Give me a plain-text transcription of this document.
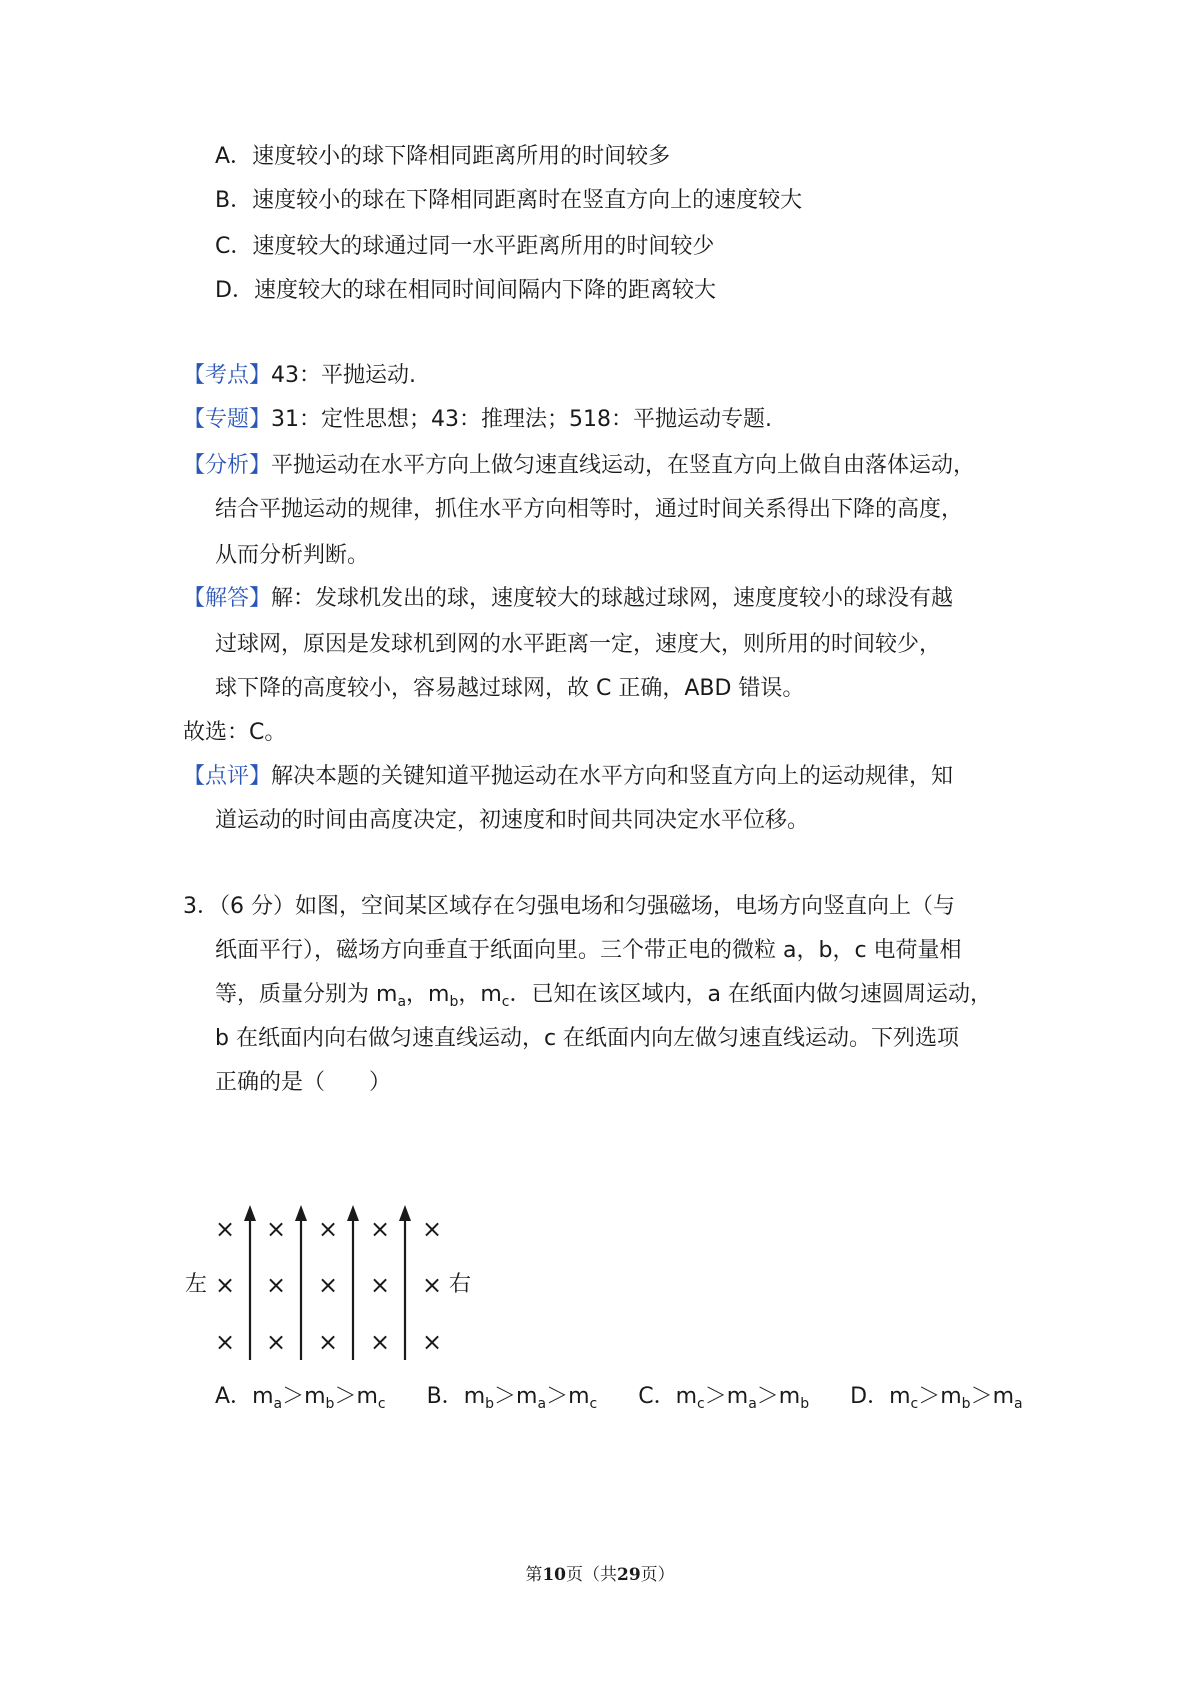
A．速度较小的球下降相同距离所用的时间较多
B．速度较小的球在下降相同距离时在竖直方向上的速度较大
C．速度较大的球通过同一水平距离所用的时间较少
D．速度较大的球在相同时间间隔内下降的距离较大
【考点】43：平抛运动.
【专题】31：定性思想；43：推理法；518：平抛运动专题.
【分析】平抛运动在水平方向上做匀速直线运动，在竖直方向上做自由落体运动，
结合平抛运动的规律，抓住水平方向相等时，通过时间关系得出下降的高度，
从而分析判断。
【解答】解：发球机发出的球，速度较大的球越过球网，速度度较小的球没有越
过球网，原因是发球机到网的水平距离一定，速度大，则所用的时间较少，
球下降的高度较小，容易越过球网，故 C 正确，ABD 错误。
故选：C。
【点评】解决本题的关键知道平抛运动在水平方向和竖直方向上的运动规律，知
道运动的时间由高度决定，初速度和时间共同决定水平位移。
3．（6 分）如图，空间某区域存在匀强电场和匀强磁场，电场方向竖直向上（与
纸面平行），磁场方向垂直于纸面向里。三个带正电的微粒 a，b，c 电荷量相
等，质量分别为 $m_a$，$m_b$，$m_c$．已知在该区域内，a 在纸面内做匀速圆周运动，
b 在纸面内向右做匀速直线运动，c 在纸面内向左做匀速直线运动。下列选项
正确的是（　　）
× × × × ×
× × × × ×
× × × × ×
左	右
A．$m_a>m_b>m_c$ B．$m_b>m_a>m_c$ C．$m_c>m_a>m_b$ D．$m_c>m_b>m_a$
第10页（共29页）
